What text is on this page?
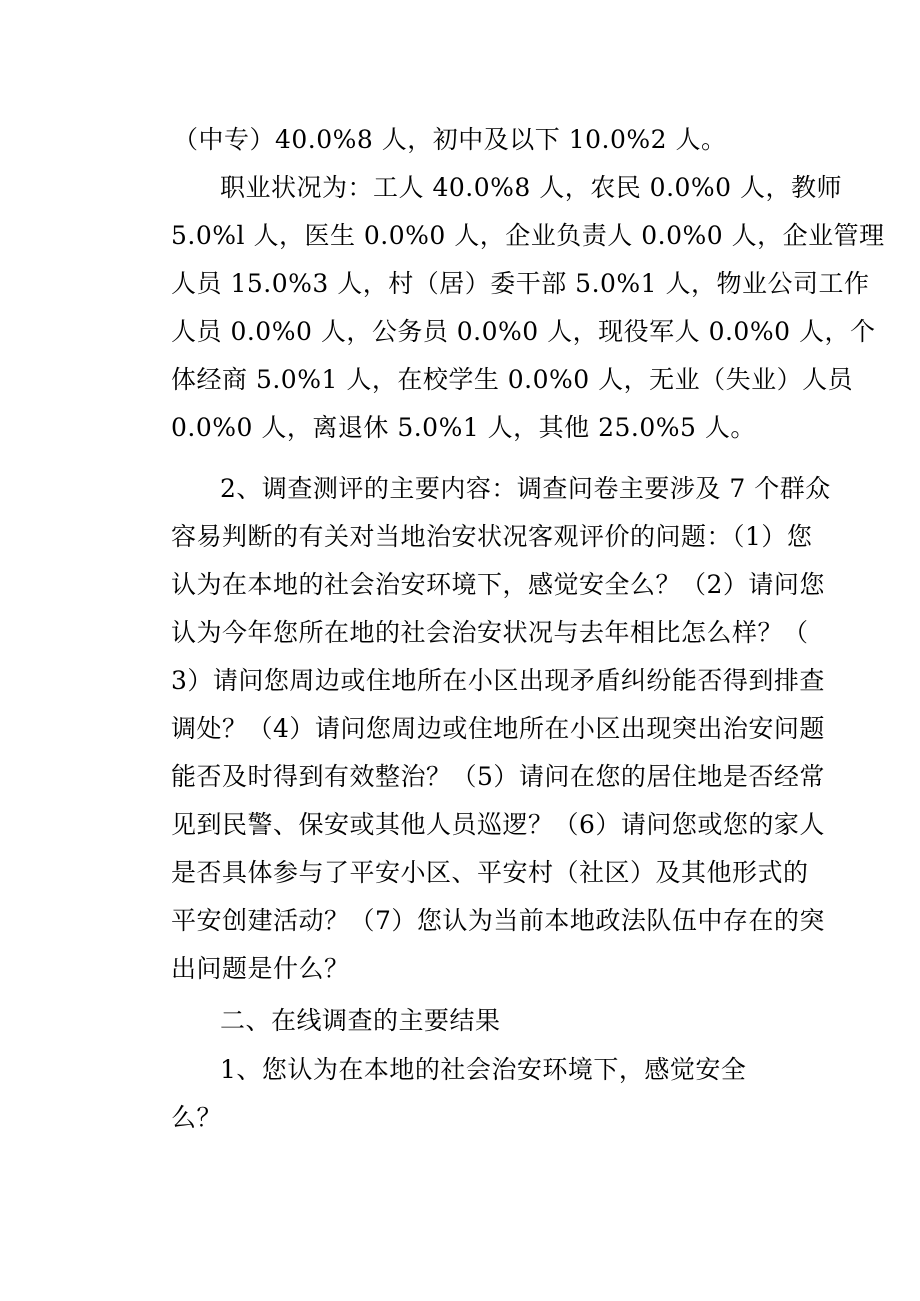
（中专）40.0%8 人，初中及以下 10.0%2 人。
职业状况为：工人 40.0%8 人，农民 0.0%0 人，教师
5.0%l 人，医生 0.0%0 人，企业负责人 0.0%0 人，企业管理
人员 15.0%3 人，村（居）委干部 5.0%1 人，物业公司工作
人员 0.0%0 人，公务员 0.0%0 人，现役军人 0.0%0 人，个
体经商 5.0%1 人，在校学生 0.0%0 人，无业（失业）人员
0.0%0 人，离退休 5.0%1 人，其他 25.0%5 人。
2、调查测评的主要内容：调查问卷主要涉及 7 个群众
容易判断的有关对当地治安状况客观评价的问题：（1）您
认为在本地的社会治安环境下，感觉安全么？（2）请问您
认为今年您所在地的社会治安状况与去年相比怎么样？（
3）请问您周边或住地所在小区出现矛盾纠纷能否得到排查
调处？（4）请问您周边或住地所在小区出现突出治安问题
能否及时得到有效整治？（5）请问在您的居住地是否经常
见到民警、保安或其他人员巡逻？（6）请问您或您的家人
是否具体参与了平安小区、平安村（社区）及其他形式的
平安创建活动？（7）您认为当前本地政法队伍中存在的突
出问题是什么？
二、在线调查的主要结果
1、您认为在本地的社会治安环境下，感觉安全
么？
